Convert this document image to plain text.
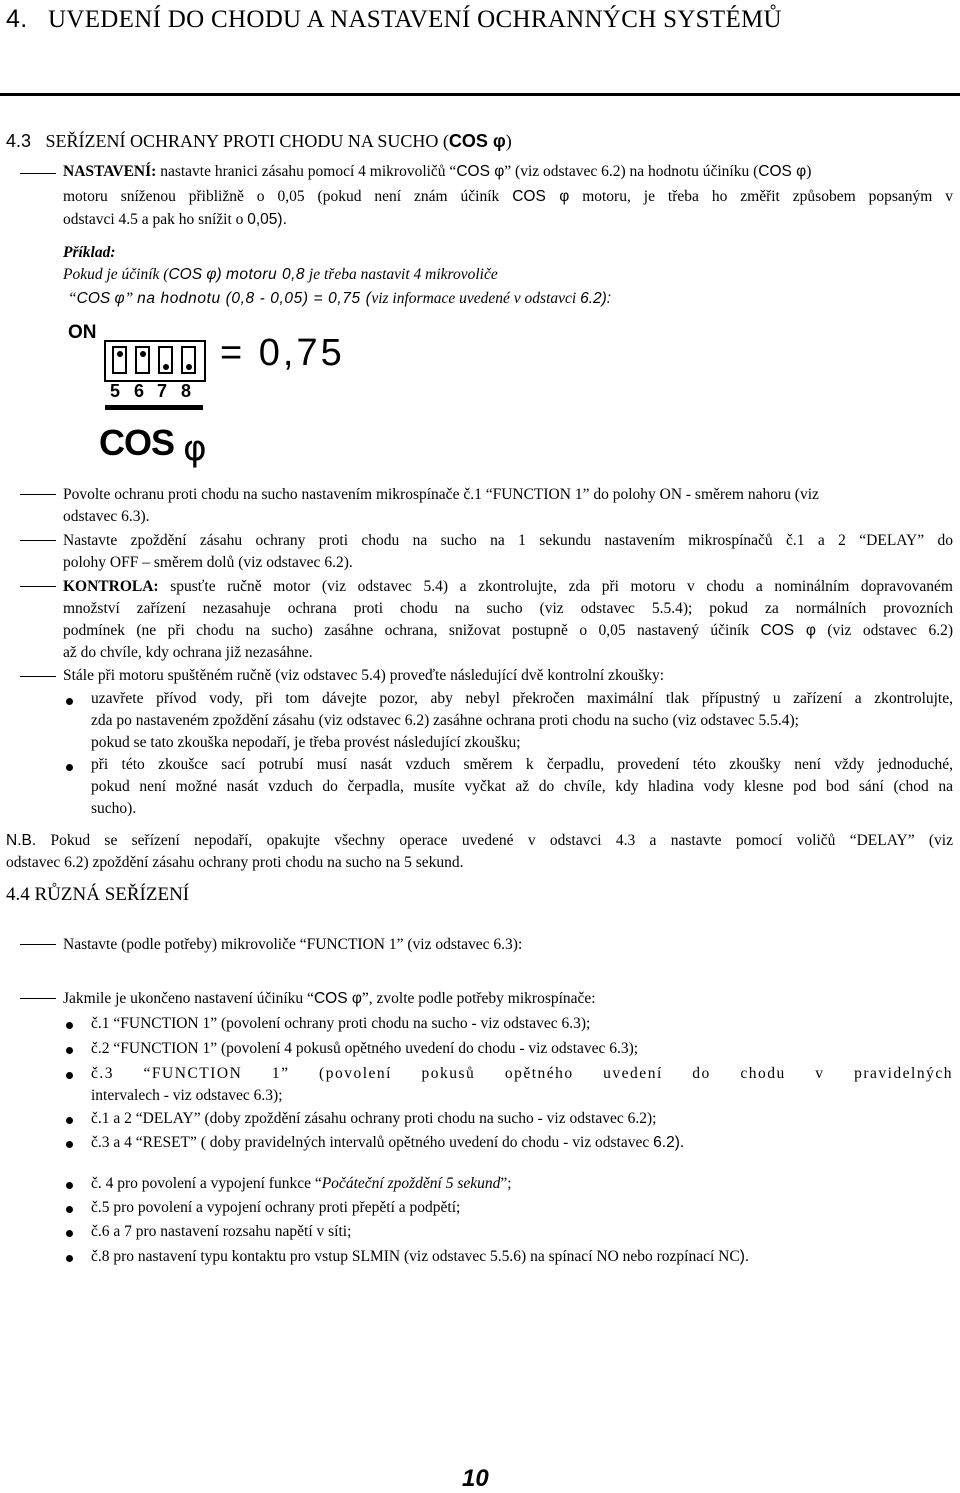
4. UVEDENÍ DO CHODU A NASTAVENÍ OCHRANNÝCH SYSTÉMŮ
4.3 SEŘÍZENÍ OCHRANY PROTI CHODU NA SUCHO (COS φ)
NASTAVENÍ: nastavte hranici zásahu pomocí 4 mikrovoličů “COS φ” (viz odstavec 6.2) na hodnotu účiníku (COS φ)
motoru sníženou přibližně o 0,05 (pokud není znám účiník COS φ motoru, je třeba ho změřit způsobem popsaným v
odstavci 4.5 a pak ho snížit o 0,05).
Příklad:
Pokud je účiník (COS φ) motoru 0,8 je třeba nastavit 4 mikrovoliče
“COS φ” na hodnotu (0,8 - 0,05) = 0,75 (viz informace uvedené v odstavci 6.2):
ON
5 6 7 8
= 0,75
COS φ
Povolte ochranu proti chodu na sucho nastavením mikrospínače č.1 “FUNCTION 1” do polohy ON - směrem nahoru (viz
odstavec 6.3).
Nastavte zpoždění zásahu ochrany proti chodu na sucho na 1 sekundu nastavením mikrospínačů č.1 a 2 “DELAY” do
polohy OFF – směrem dolů (viz odstavec 6.2).
KONTROLA: spusťte ručně motor (viz odstavec 5.4) a zkontrolujte, zda při motoru v chodu a nominálním dopravovaném
množství zařízení nezasahuje ochrana proti chodu na sucho (viz odstavec 5.5.4); pokud za normálních provozních
podmínek (ne při chodu na sucho) zasáhne ochrana, snižovat postupně o 0,05 nastavený účiník COS φ (viz odstavec 6.2)
až do chvíle, kdy ochrana již nezasáhne.
Stále při motoru spuštěném ručně (viz odstavec 5.4) proveďte následující dvě kontrolní zkoušky:
uzavřete přívod vody, při tom dávejte pozor, aby nebyl překročen maximální tlak přípustný u zařízení a zkontrolujte,
zda po nastaveném zpoždění zásahu (viz odstavec 6.2) zasáhne ochrana proti chodu na sucho (viz odstavec 5.5.4);
pokud se tato zkouška nepodaří, je třeba provést následující zkoušku;
při této zkoušce sací potrubí musí nasát vzduch směrem k čerpadlu, provedení této zkoušky není vždy jednoduché,
pokud není možné nasát vzduch do čerpadla, musíte vyčkat až do chvíle, kdy hladina vody klesne pod bod sání (chod na
sucho).
N.B. Pokud se seřízení nepodaří, opakujte všechny operace uvedené v odstavci 4.3 a nastavte pomocí voličů “DELAY” (viz
odstavec 6.2) zpoždění zásahu ochrany proti chodu na sucho na 5 sekund.
4.4 RŮZNÁ SEŘÍZENÍ
Nastavte (podle potřeby) mikrovoliče “FUNCTION 1” (viz odstavec 6.3):
Jakmile je ukončeno nastavení účiníku “COS φ”, zvolte podle potřeby mikrospínače:
č.1 “FUNCTION 1” (povolení ochrany proti chodu na sucho - viz odstavec 6.3);
č.2 “FUNCTION 1” (povolení 4 pokusů opětného uvedení do chodu - viz odstavec 6.3);
č.3 “FUNCTION 1” (povolení pokusů opětného uvedení do chodu v pravidelných
intervalech - viz odstavec 6.3);
č.1 a 2 “DELAY” (doby zpoždění zásahu ochrany proti chodu na sucho - viz odstavec 6.2);
č.3 a 4 “RESET” ( doby pravidelných intervalů opětného uvedení do chodu - viz odstavec 6.2).
č. 4 pro povolení a vypojení funkce “Počáteční zpoždění 5 sekund”;
č.5 pro povolení a vypojení ochrany proti přepětí a podpětí;
č.6 a 7 pro nastavení rozsahu napětí v síti;
č.8 pro nastavení typu kontaktu pro vstup SLMIN (viz odstavec 5.5.6) na spínací NO nebo rozpínací NC).
10
